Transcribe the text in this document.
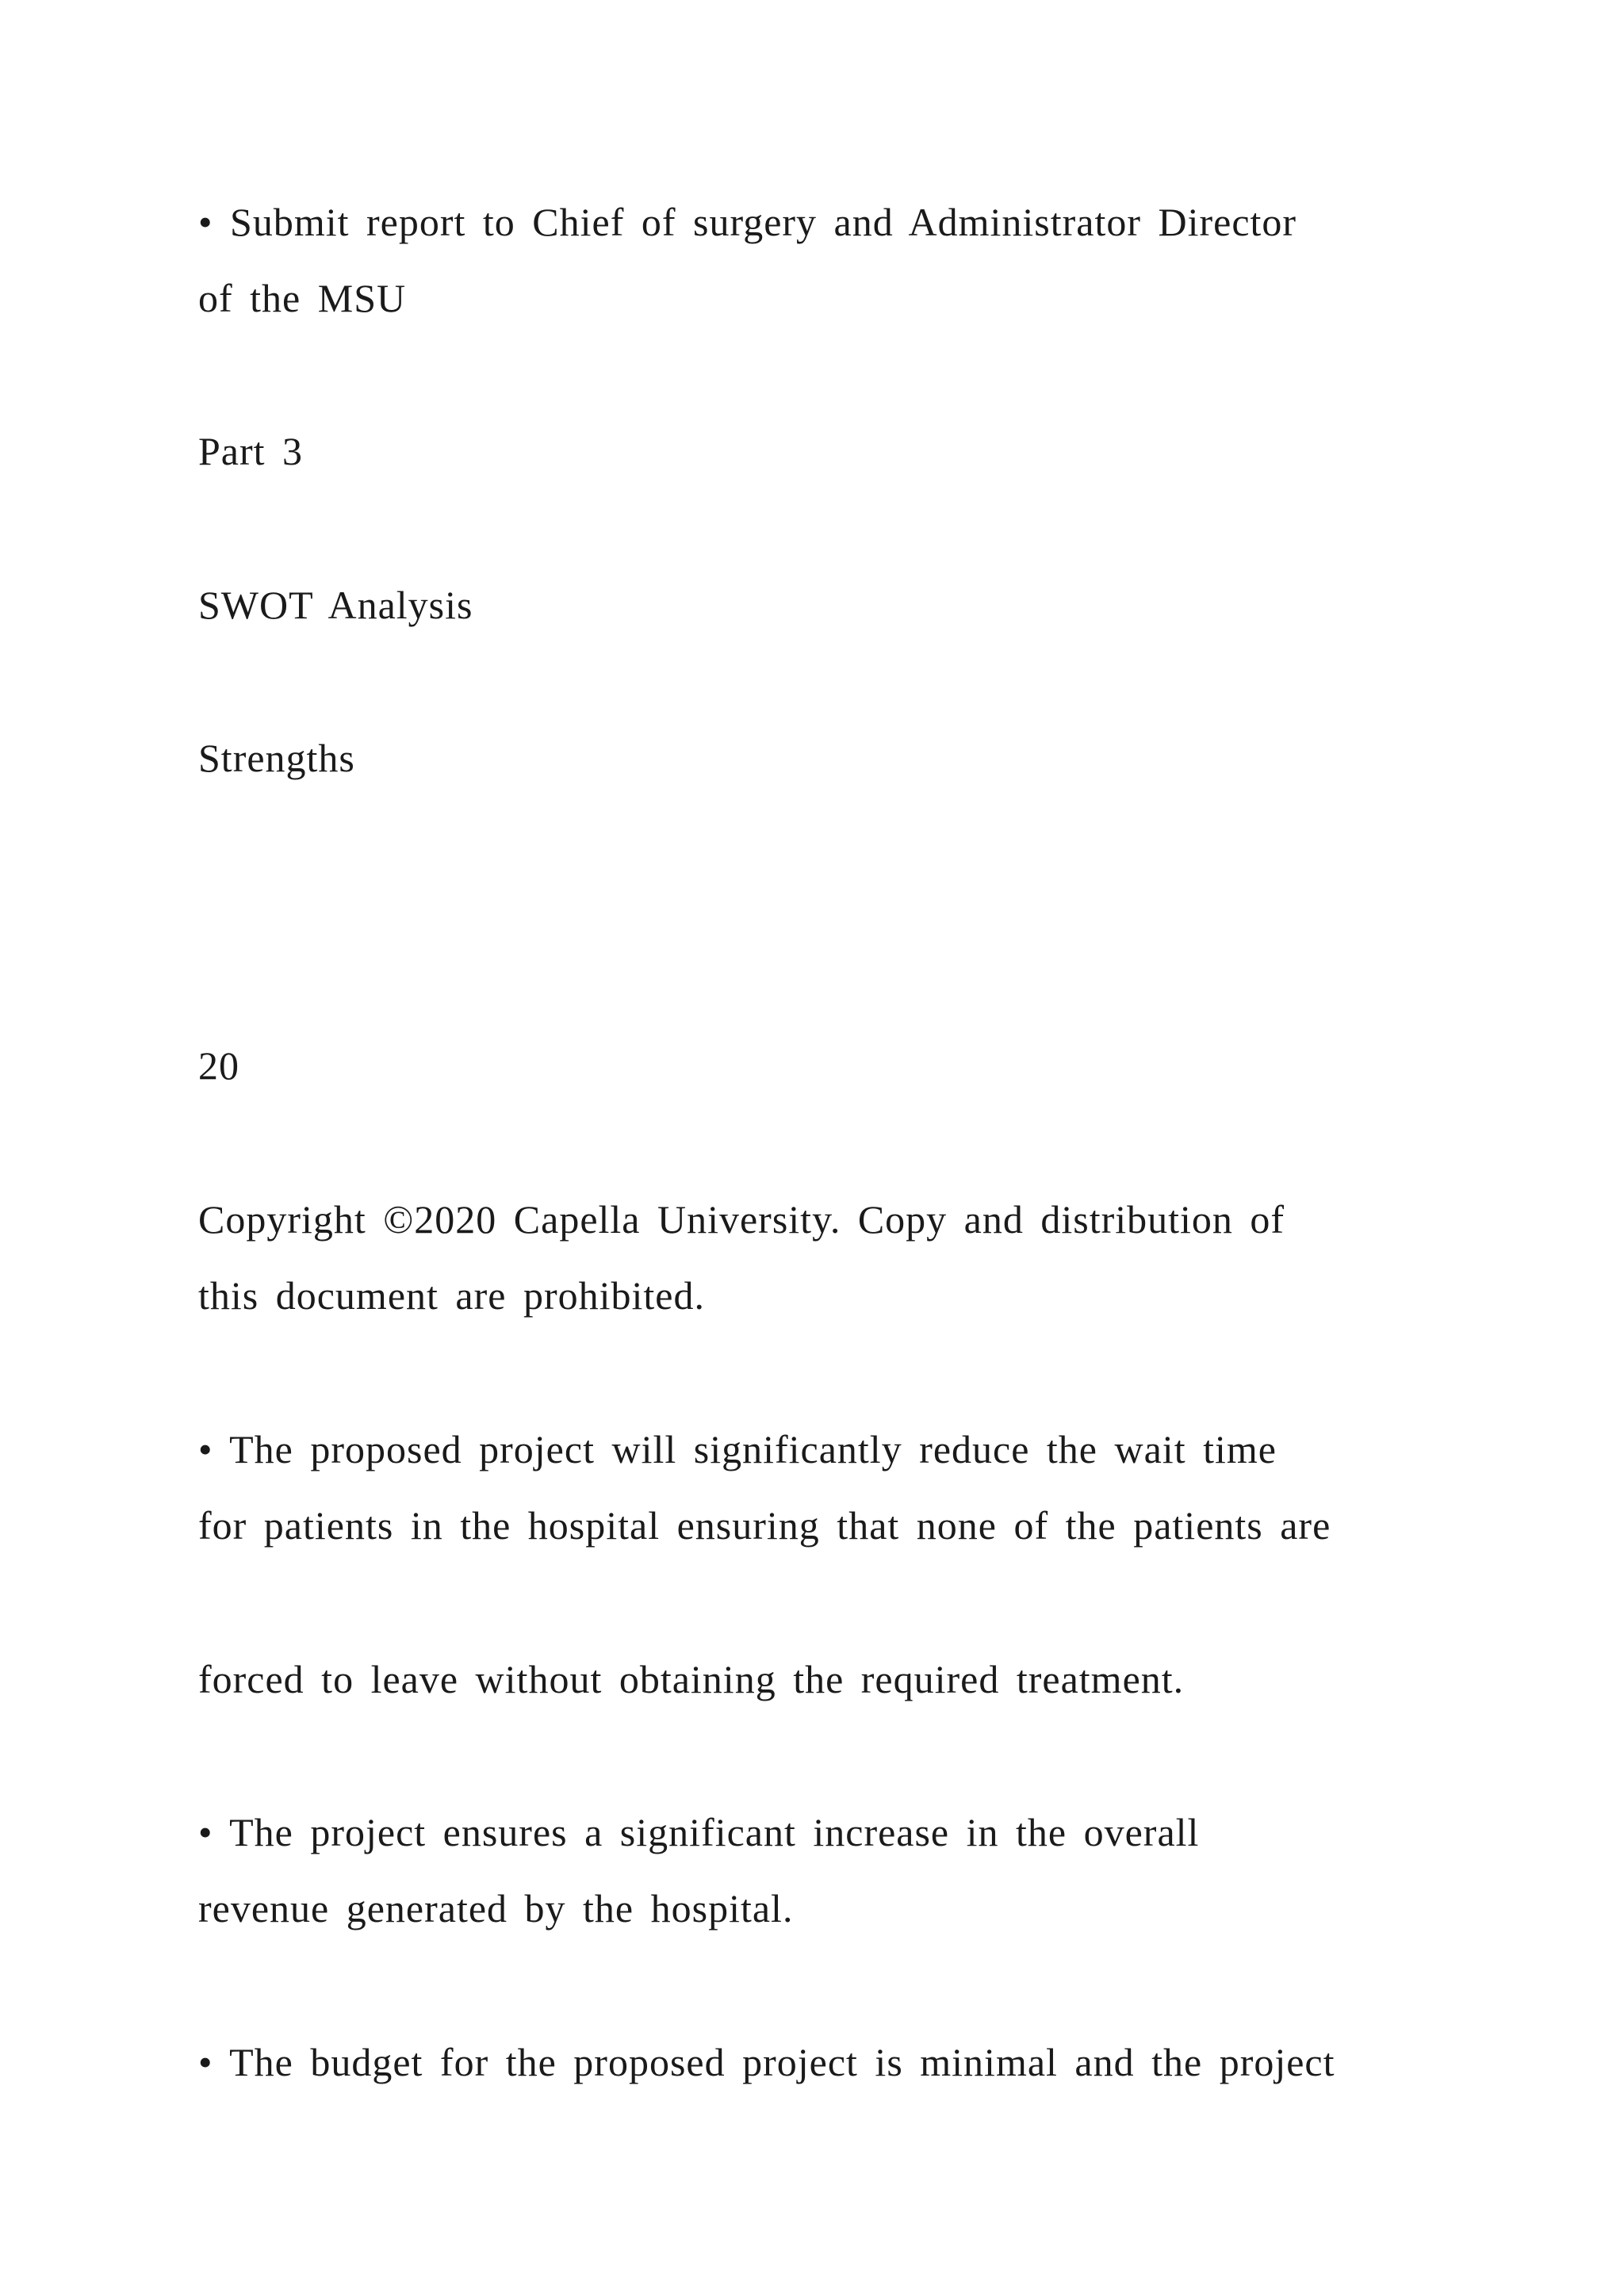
• Submit report to Chief of surgery and Administrator Director

of the MSU

Part 3

SWOT Analysis

Strengths

20

Copyright ©2020 Capella University. Copy and distribution of

this document are prohibited.

• The proposed project will significantly reduce the wait time

for patients in the hospital ensuring that none of the patients are

forced to leave without obtaining the required treatment.

• The project ensures a significant increase in the overall

revenue generated by the hospital.

• The budget for the proposed project is minimal and the project
